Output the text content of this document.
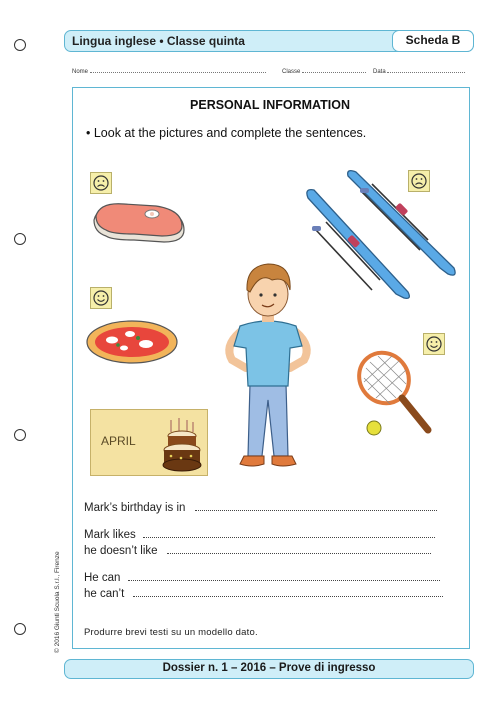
Lingua inglese • Classe quinta	Scheda B
Nome	Classe	Data
PERSONAL INFORMATION
• Look at the pictures and complete the sentences.
APRIL
Mark’s birthday is in
Mark likes
he doesn’t like
He can
he can’t
Produrre brevi testi su un modello dato.
© 2016 Giunti Scuola S.r.l., Firenze
Dossier n. 1 – 2016 – Prove di ingresso
